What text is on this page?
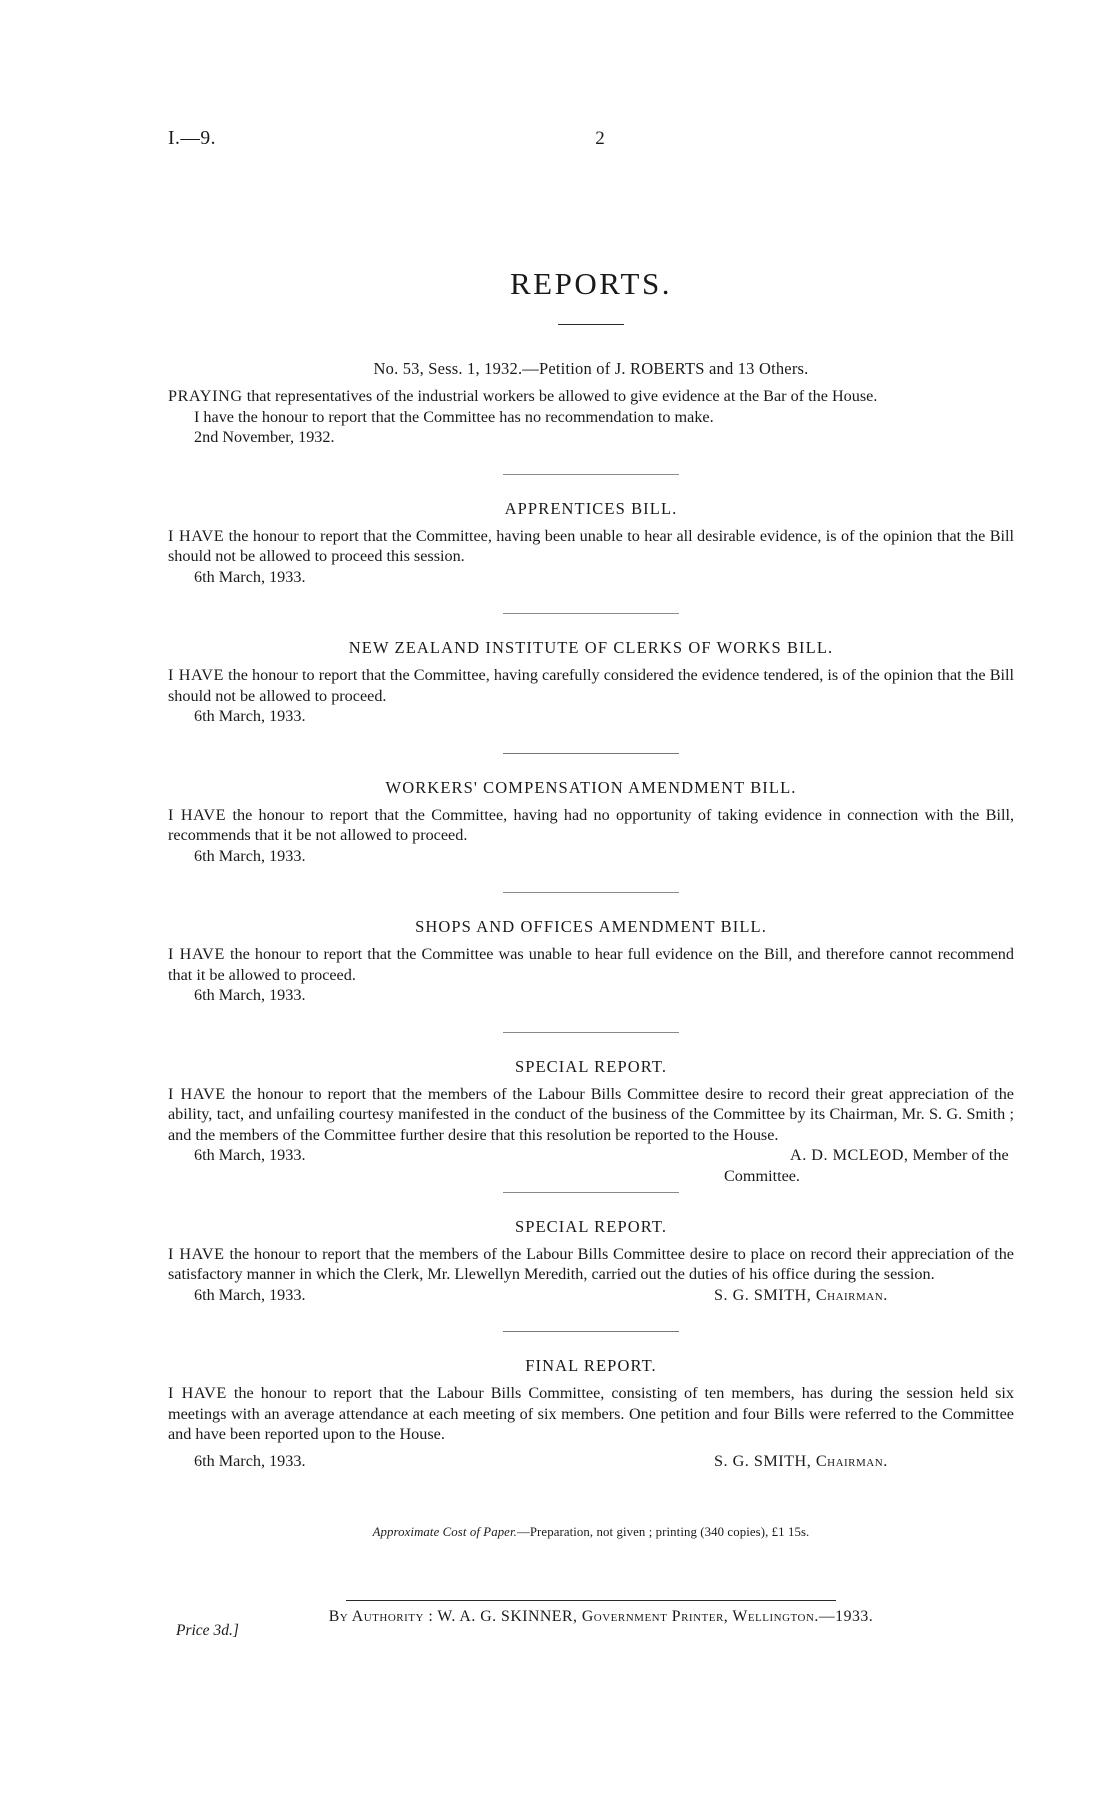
I.—9.	2
REPORTS.
No. 53, Sess. 1, 1932.—Petition of J. ROBERTS and 13 Others.

PRAYING that representatives of the industrial workers be allowed to give evidence at the Bar of the House.

I have the honour to report that the Committee has no recommendation to make.

2nd November, 1932.

APPRENTICES BILL.

I HAVE the honour to report that the Committee, having been unable to hear all desirable evidence, is of the opinion that the Bill should not be allowed to proceed this session.

6th March, 1933.

NEW ZEALAND INSTITUTE OF CLERKS OF WORKS BILL.

I HAVE the honour to report that the Committee, having carefully considered the evidence tendered, is of the opinion that the Bill should not be allowed to proceed.

6th March, 1933.

WORKERS' COMPENSATION AMENDMENT BILL.

I HAVE the honour to report that the Committee, having had no opportunity of taking evidence in connection with the Bill, recommends that it be not allowed to proceed.

6th March, 1933.

SHOPS AND OFFICES AMENDMENT BILL.

I HAVE the honour to report that the Committee was unable to hear full evidence on the Bill, and therefore cannot recommend that it be allowed to proceed.

6th March, 1933.

SPECIAL REPORT.

I HAVE the honour to report that the members of the Labour Bills Committee desire to record their great appreciation of the ability, tact, and unfailing courtesy manifested in the conduct of the business of the Committee by its Chairman, Mr. S. G. Smith ; and the members of the Committee further desire that this resolution be reported to the House.

6th March, 1933.	A. D. MCLEOD, Member of the Committee.
SPECIAL REPORT.

I HAVE the honour to report that the members of the Labour Bills Committee desire to place on record their appreciation of the satisfactory manner in which the Clerk, Mr. Llewellyn Meredith, carried out the duties of his office during the session.

6th March, 1933.	S. G. SMITH, Chairman.
FINAL REPORT.

I HAVE the honour to report that the Labour Bills Committee, consisting of ten members, has during the session held six meetings with an average attendance at each meeting of six members. One petition and four Bills were referred to the Committee and have been reported upon to the House.

6th March, 1933.	S. G. SMITH, Chairman.
Approximate Cost of Paper.—Preparation, not given ; printing (340 copies), £1 15s.
Price 3d.]
By Authority : W. A. G. SKINNER, Government Printer, Wellington.—1933.
